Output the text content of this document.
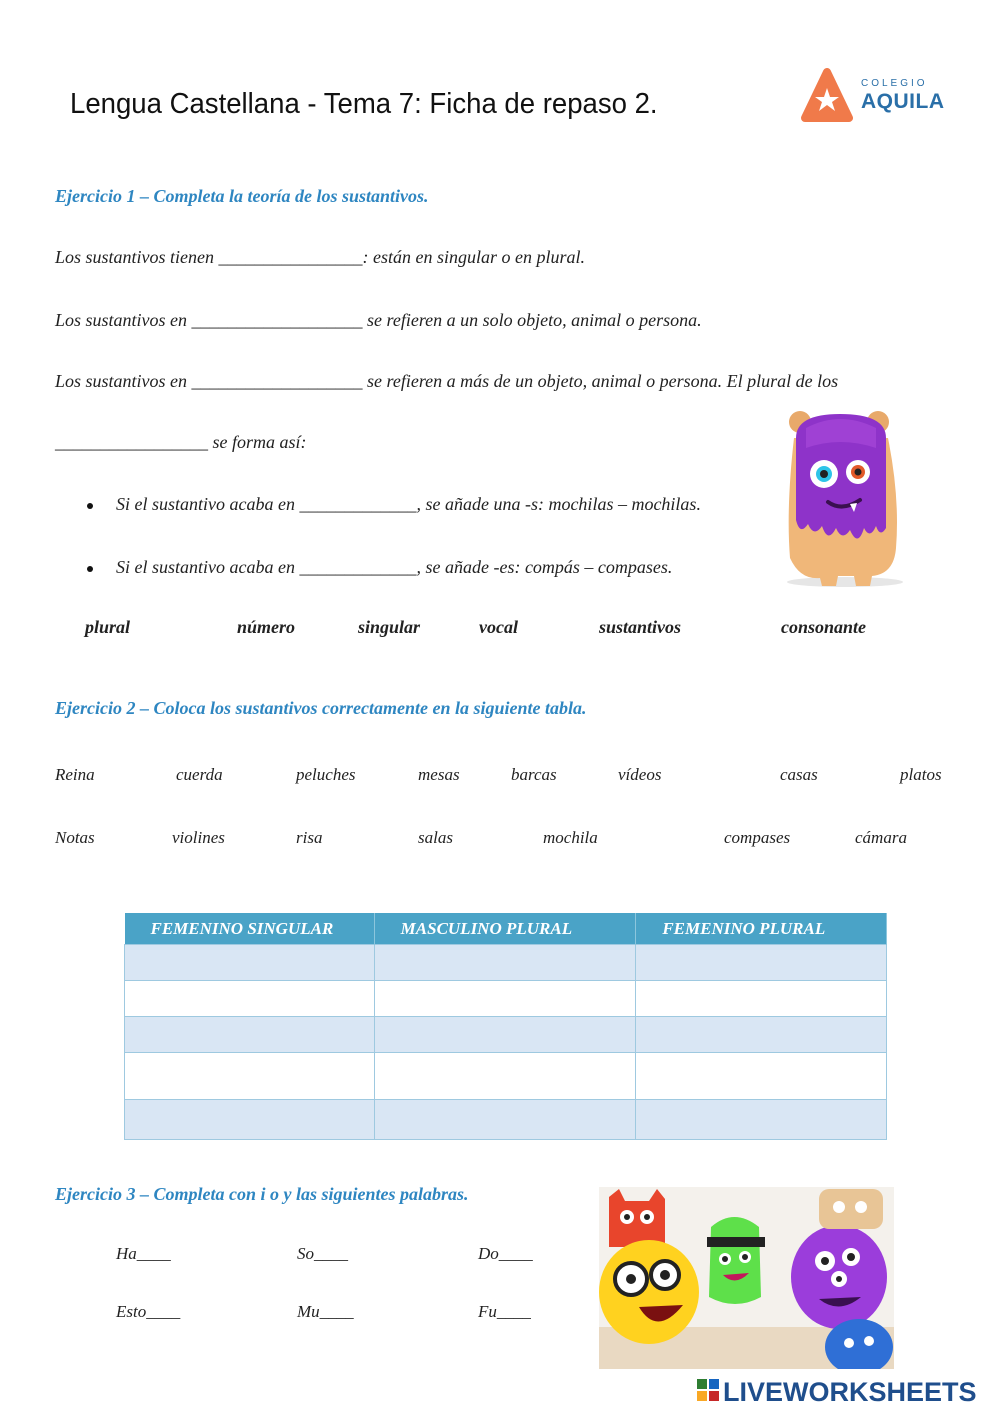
Lengua Castellana - Tema 7: Ficha de repaso 2.
COLEGIO
AQUILA
Ejercicio 1 – Completa la teoría de los sustantivos.
Los sustantivos tienen ________________: están en singular o en plural.
Los sustantivos en ___________________ se refieren a un solo objeto, animal o persona.
Los sustantivos en ___________________ se refieren a más de un objeto, animal o persona. El plural de los
_________________ se forma así:
Si el sustantivo acaba en _____________, se añade una -s: mochilas – mochilas.
Si el sustantivo acaba en _____________, se añade -es: compás – compases.
plural	número	singular	vocal	sustantivos	consonante
Ejercicio 2 – Coloca los sustantivos correctamente en la siguiente tabla.
Reina	cuerda	peluches	mesas	barcas	vídeos	casas	platos
Notas	violines	risa	salas	mochila	compases	cámara
FEMENINO SINGULAR	MASCULINO PLURAL	FEMENINO PLURAL

Ejercicio 3 – Completa con i o y las siguientes palabras.
Ha____	So____	Do____
Esto____	Mu____	Fu____
LIVEWORKSHEETS
